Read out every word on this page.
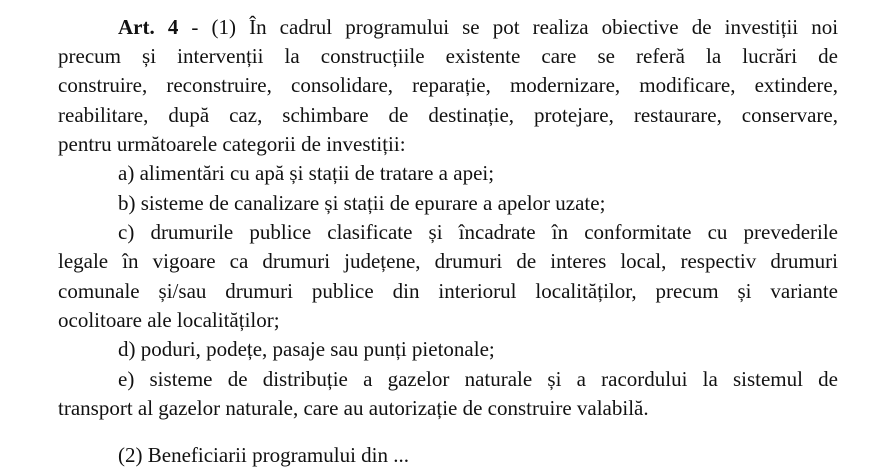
Art. 4 - (1) În cadrul programului se pot realiza obiective de investiții noi
precum și intervenții la construcțiile existente care se referă la lucrări de
construire, reconstruire, consolidare, reparație, modernizare, modificare, extindere,
reabilitare, după caz, schimbare de destinație, protejare, restaurare, conservare,
pentru următoarele categorii de investiții:
a) alimentări cu apă și stații de tratare a apei;
b) sisteme de canalizare și stații de epurare a apelor uzate;
c) drumurile publice clasificate și încadrate în conformitate cu prevederile
legale în vigoare ca drumuri județene, drumuri de interes local, respectiv drumuri
comunale și/sau drumuri publice din interiorul localităților, precum și variante
ocolitoare ale localităților;
d) poduri, podețe, pasaje sau punți pietonale;
e) sisteme de distribuție a gazelor naturale și a racordului la sistemul de
transport al gazelor naturale, care au autorizație de construire valabilă.
(2) Beneficiarii programului din ...
